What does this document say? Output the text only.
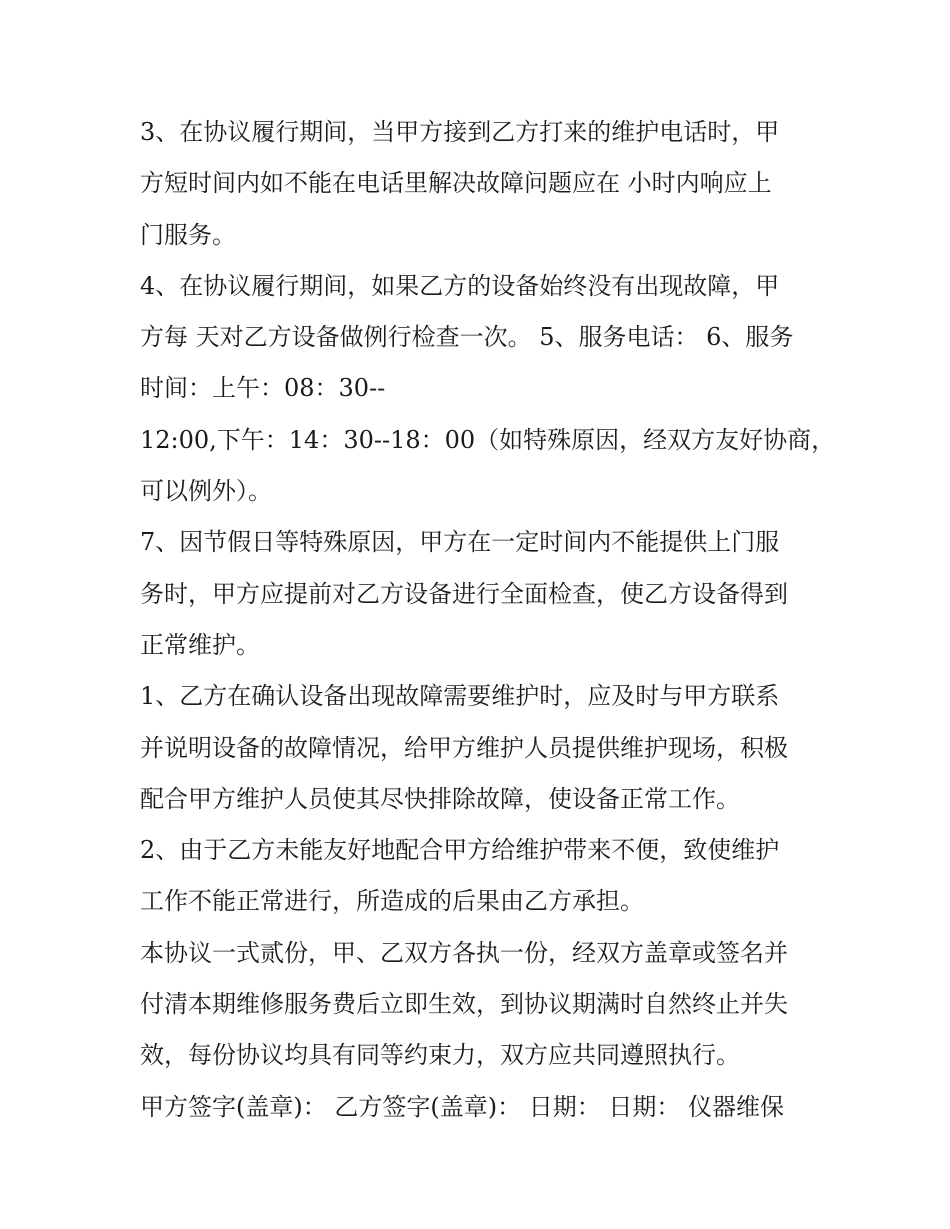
3、在协议履行期间，当甲方接到乙方打来的维护电话时，甲
方短时间内如不能在电话里解决故障问题应在 小时内响应上
门服务。
4、在协议履行期间，如果乙方的设备始终没有出现故障，甲
方每 天对乙方设备做例行检查一次。 5、服务电话： 6、服务
时间：上午：08：30--
12:00,下午：14：30--18：00（如特殊原因，经双方友好协商，
可以例外）。
7、因节假日等特殊原因，甲方在一定时间内不能提供上门服
务时，甲方应提前对乙方设备进行全面检查，使乙方设备得到
正常维护。
1、乙方在确认设备出现故障需要维护时，应及时与甲方联系
并说明设备的故障情况，给甲方维护人员提供维护现场，积极
配合甲方维护人员使其尽快排除故障，使设备正常工作。
2、由于乙方未能友好地配合甲方给维护带来不便，致使维护
工作不能正常进行，所造成的后果由乙方承担。
本协议一式贰份，甲、乙双方各执一份，经双方盖章或签名并
付清本期维修服务费后立即生效，到协议期满时自然终止并失
效，每份协议均具有同等约束力，双方应共同遵照执行。
甲方签字(盖章)： 乙方签字(盖章)： 日期： 日期： 仪器维保
